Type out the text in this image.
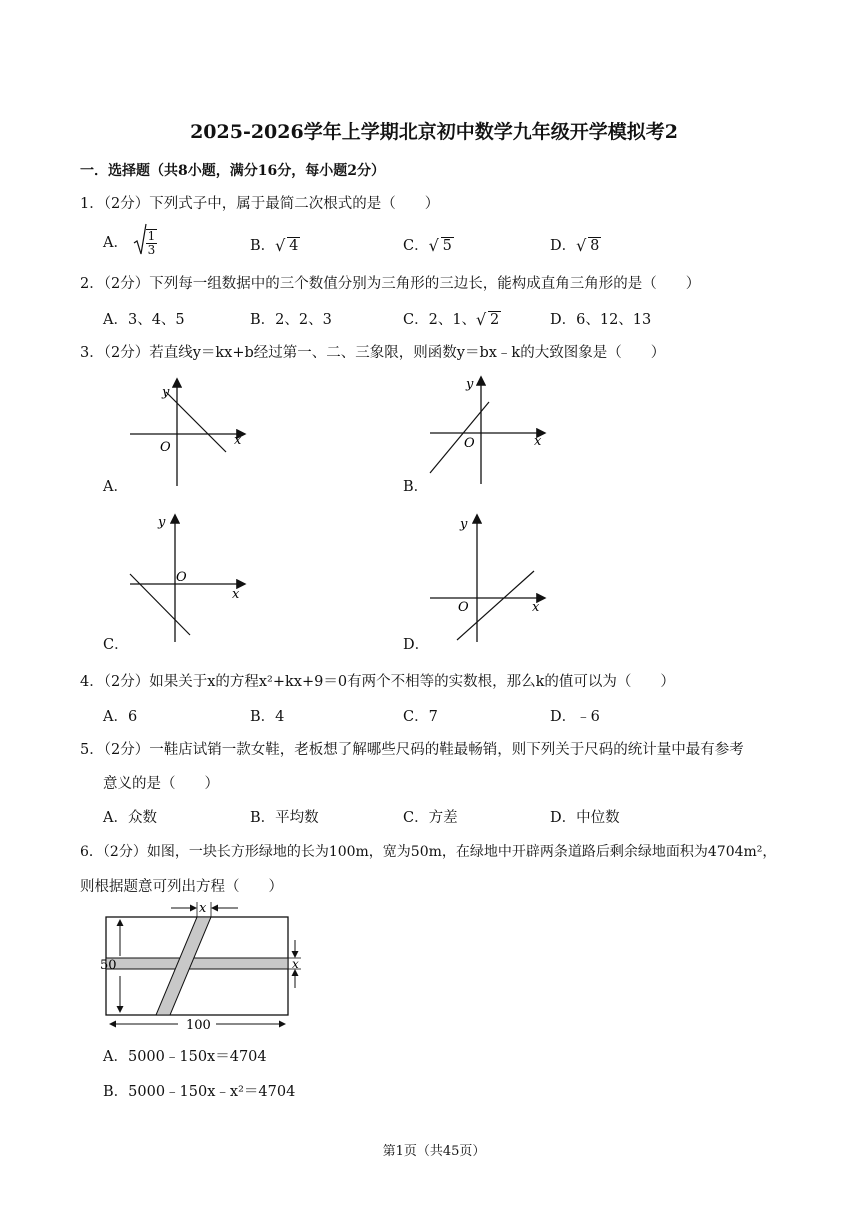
2025-2026学年上学期北京初中数学九年级开学模拟考2
一．选择题（共8小题，满分16分，每小题2分）
1．（2分）下列式子中，属于最简二次根式的是（　　）
A． $\frac{1}{3}$	B． √ 4	C． √ 5	D． √ 8
2．（2分）下列每一组数据中的三个数值分别为三角形的三边长，能构成直角三角形的是（　　）
A．3、4、5	B．2、2、3	C．2、1、 √ 2	D．6、12、13
3．（2分）若直线y＝kx+b经过第一、二、三象限，则函数y＝bx﹣k的大致图象是（　　）
y
x
O
A．
y
x
O
B．
y
x
O
C．
y
x
O
D．
4．（2分）如果关于x的方程x²+kx+9＝0有两个不相等的实数根，那么k的值可以为（　　）
A．6	B．4	C．7	D．﹣6
5．（2分）一鞋店试销一款女鞋，老板想了解哪些尺码的鞋最畅销，则下列关于尺码的统计量中最有参考
意义的是（　　）
A．众数	B．平均数	C．方差	D．中位数
6．（2分）如图，一块长方形绿地的长为100m，宽为50m，在绿地中开辟两条道路后剩余绿地面积为4704m²，
则根据题意可列出方程（　　）
x
50	x
100
A．5000﹣150x＝4704
B．5000﹣150x﹣x²＝4704
第1页（共45页）
